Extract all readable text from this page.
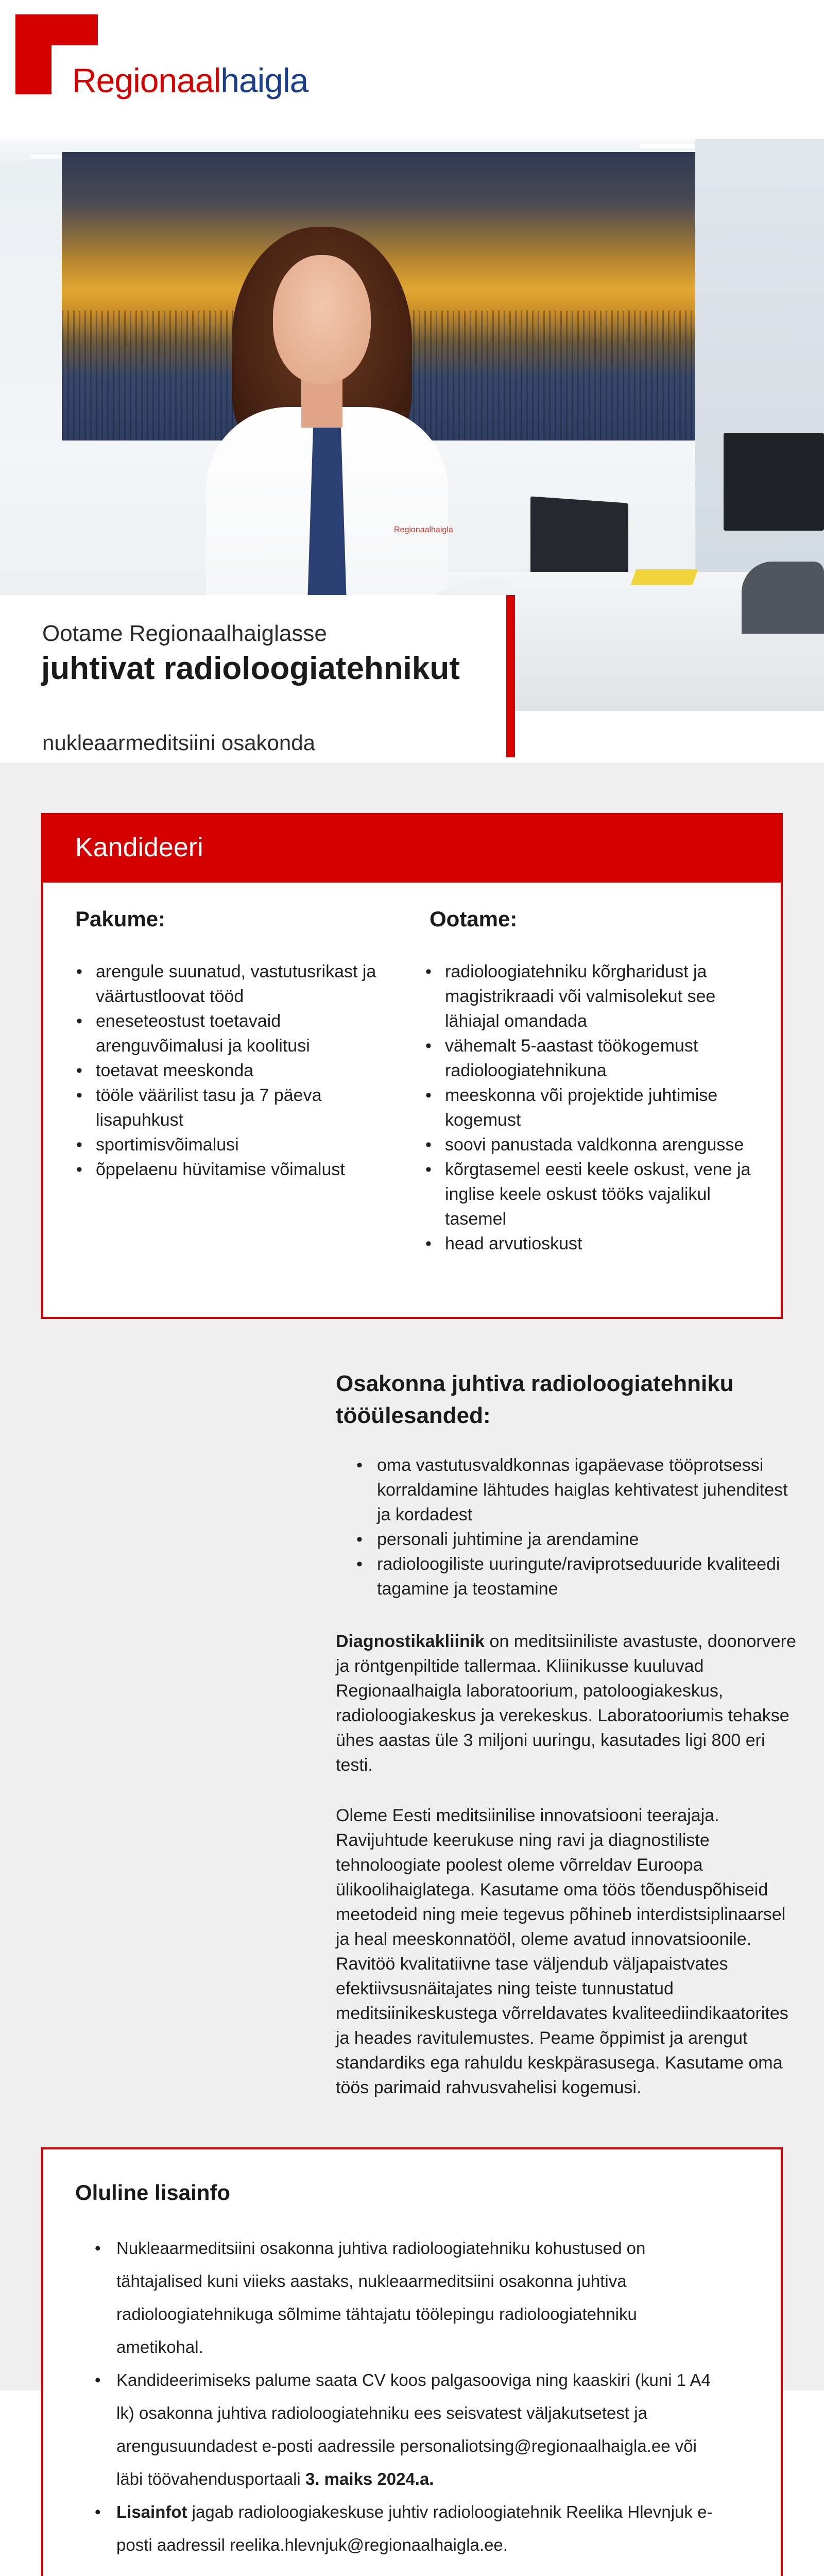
Regionaalhaigla
Regionaalhaigla
Ootame Regionaalhaiglasse
juhtivat radioloogiatehnikut
nukleaarmeditsiini osakonda
Kandideeri
Pakume:
• arengule suunatud, vastutusrikast ja väärtustloovat tööd
• eneseteostust toetavaid arenguvõimalusi ja koolitusi
• toetavat meeskonda
• tööle väärilist tasu ja 7 päeva lisapuhkust
• sportimisvõimalusi
• õppelaenu hüvitamise võimalust
Ootame:
• radioloogiatehniku kõrgharidust ja magistrikraadi või valmisolekut see lähiajal omandada
• vähemalt 5-aastast töökogemust radioloogiatehnikuna
• meeskonna või projektide juhtimise kogemust
• soovi panustada valdkonna arengusse
• kõrgtasemel eesti keele oskust, vene ja inglise keele oskust tööks vajalikul tasemel
• head arvutioskust
Osakonna juhtiva radioloogiatehniku tööülesanded:
• oma vastutusvaldkonnas igapäevase tööprotsessi korraldamine lähtudes haiglas kehtivatest juhenditest ja kordadest
• personali juhtimine ja arendamine
• radioloogiliste uuringute/raviprotseduuride kvaliteedi tagamine ja teostamine
Diagnostikakliinik on meditsiiniliste avastuste, doonorvere ja röntgenpiltide tallermaa. Kliinikusse kuuluvad Regionaalhaigla laboratoorium, patoloogiakeskus, radioloogiakeskus ja verekeskus. Laboratooriumis tehakse ühes aastas üle 3 miljoni uuringu, kasutades ligi 800 eri testi.
Oleme Eesti meditsiinilise innovatsiooni teerajaja. Ravijuhtude keerukuse ning ravi ja diagnostiliste tehnoloogiate poolest oleme võrreldav Euroopa ülikoolihaiglatega. Kasutame oma töös tõenduspõhiseid meetodeid ning meie tegevus põhineb interdistsiplinaarsel ja heal meeskonnatööl, oleme avatud innovatsioonile. Ravitöö kvalitatiivne tase väljendub väljapaistvates efektiivsusnäitajates ning teiste tunnustatud meditsiinikeskustega võrreldavates kvaliteediindikaatorites ja heades ravitulemustes. Peame õppimist ja arengut standardiks ega rahuldu keskpärasusega. Kasutame oma töös parimaid rahvusvahelisi kogemusi.
Oluline lisainfo
• Nukleaarmeditsiini osakonna juhtiva radioloogiatehniku kohustused on tähtajalised kuni viieks aastaks, nukleaarmeditsiini osakonna juhtiva radioloogiatehnikuga sõlmime tähtajatu töölepingu radioloogiatehniku ametikohal.
• Kandideerimiseks palume saata CV koos palgasooviga ning kaaskiri (kuni 1 A4 lk) osakonna juhtiva radioloogiatehniku ees seisvatest väljakutsetest ja arengusuundadest e-posti aadressile personaliotsing@regionaalhaigla.ee või läbi töövahendusportaali 3. maiks 2024.a.
• Lisainfot jagab radioloogiakeskuse juhtiv radioloogiatehnik Reelika Hlevnjuk e-posti aadressil reelika.hlevnjuk@regionaalhaigla.ee.
